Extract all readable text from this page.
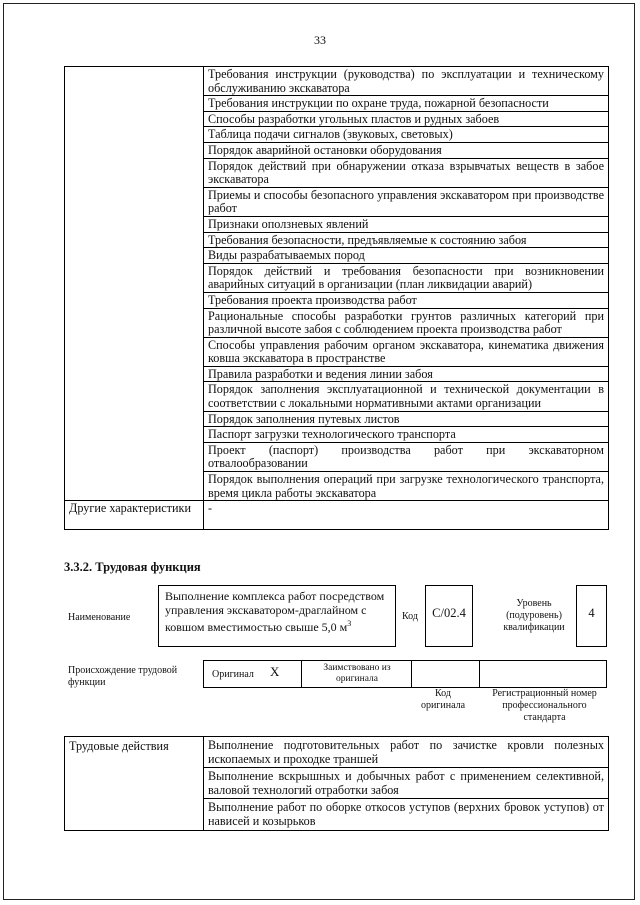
33
	Требования инструкции (руководства) по эксплуатации и техническому обслуживанию экскаватора
	Требования инструкции по охране труда, пожарной безопасности
	Способы разработки угольных пластов и рудных забоев
	Таблица подачи сигналов (звуковых, световых)
	Порядок аварийной остановки оборудования
	Порядок действий при обнаружении отказа взрывчатых веществ в забое экскаватора
	Приемы и способы безопасного управления экскаватором при производстве работ
	Признаки оползневых явлений
	Требования безопасности, предъявляемые к состоянию забоя
	Виды разрабатываемых пород
	Порядок действий и требования безопасности при возникновении аварийных ситуаций в организации (план ликвидации аварий)
	Требования проекта производства работ
	Рациональные способы разработки грунтов различных категорий при различной высоте забоя с соблюдением проекта производства работ
	Способы управления рабочим органом экскаватора, кинематика движения ковша экскаватора в пространстве
	Правила разработки и ведения линии забоя
	Порядок заполнения эксплуатационной и технической документации в соответствии с локальными нормативными актами организации
	Порядок заполнения путевых листов
	Паспорт загрузки технологического транспорта
	Проект (паспорт) производства работ при экскаваторном отвалообразовании
	Порядок выполнения операций при загрузке технологического транспорта, время цикла работы экскаватора
Другие характеристики	-
3.3.2. Трудовая функция
Наименование
Выполнение комплекса работ посредством управления экскаватором-драглайном с ковшом вместимостью свыше 5,0 $м^3$
Код	C/02.4
Уровень (подуровень) квалификации
4
Происхождение трудовой функции
Оригинал X	Заимствовано из оригинала
Код оригинала
Регистрационный номер профессионального стандарта
Трудовые действия	Выполнение подготовительных работ по зачистке кровли полезных ископаемых и проходке траншей
Выполнение вскрышных и добычных работ с применением селективной, валовой технологий отработки забоя
Выполнение работ по оборке откосов уступов (верхних бровок уступов) от нависей и козырьков
